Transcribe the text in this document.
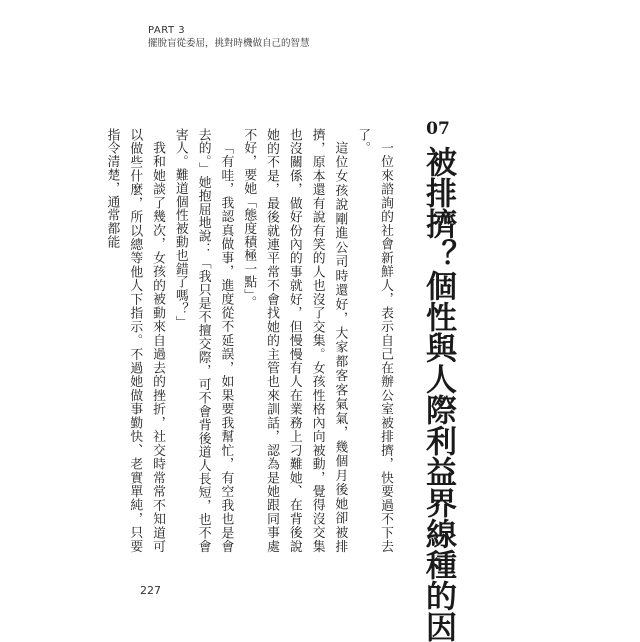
PART 3
擺脫盲從委屈，挑對時機做自己的智慧
07
被排擠？個性與人際利益界線種的因

一位來諮詢的社會新鮮人，表示自己在辦公室被排擠，快要過不下去了。

這位女孩說剛進公司時還好，大家都客客氣氣，幾個月後她卻被排擠，原本還有說有笑的人也沒了交集。女孩性格內向被動，覺得沒交集也沒關係，做好份內的事就好，但慢慢有人在業務上刁難她、在背後說她的不是，最後就連平常不會找她的主管也來訓話，認為是她跟同事處不好，要她「態度積極一點」。

「有哇，我認真做事，進度從不延誤，如果要我幫忙，有空我也是會去的。」她抱屈地說：「我只是不擅交際，可不會背後道人長短，也不會害人。難道個性被動也錯了嗎？」

我和她談了幾次，女孩的被動來自過去的挫折，社交時常常不知道可以做些什麼，所以總等他人下指示。不過她做事勤快、老實單純，只要指令清楚，通常都能

227
